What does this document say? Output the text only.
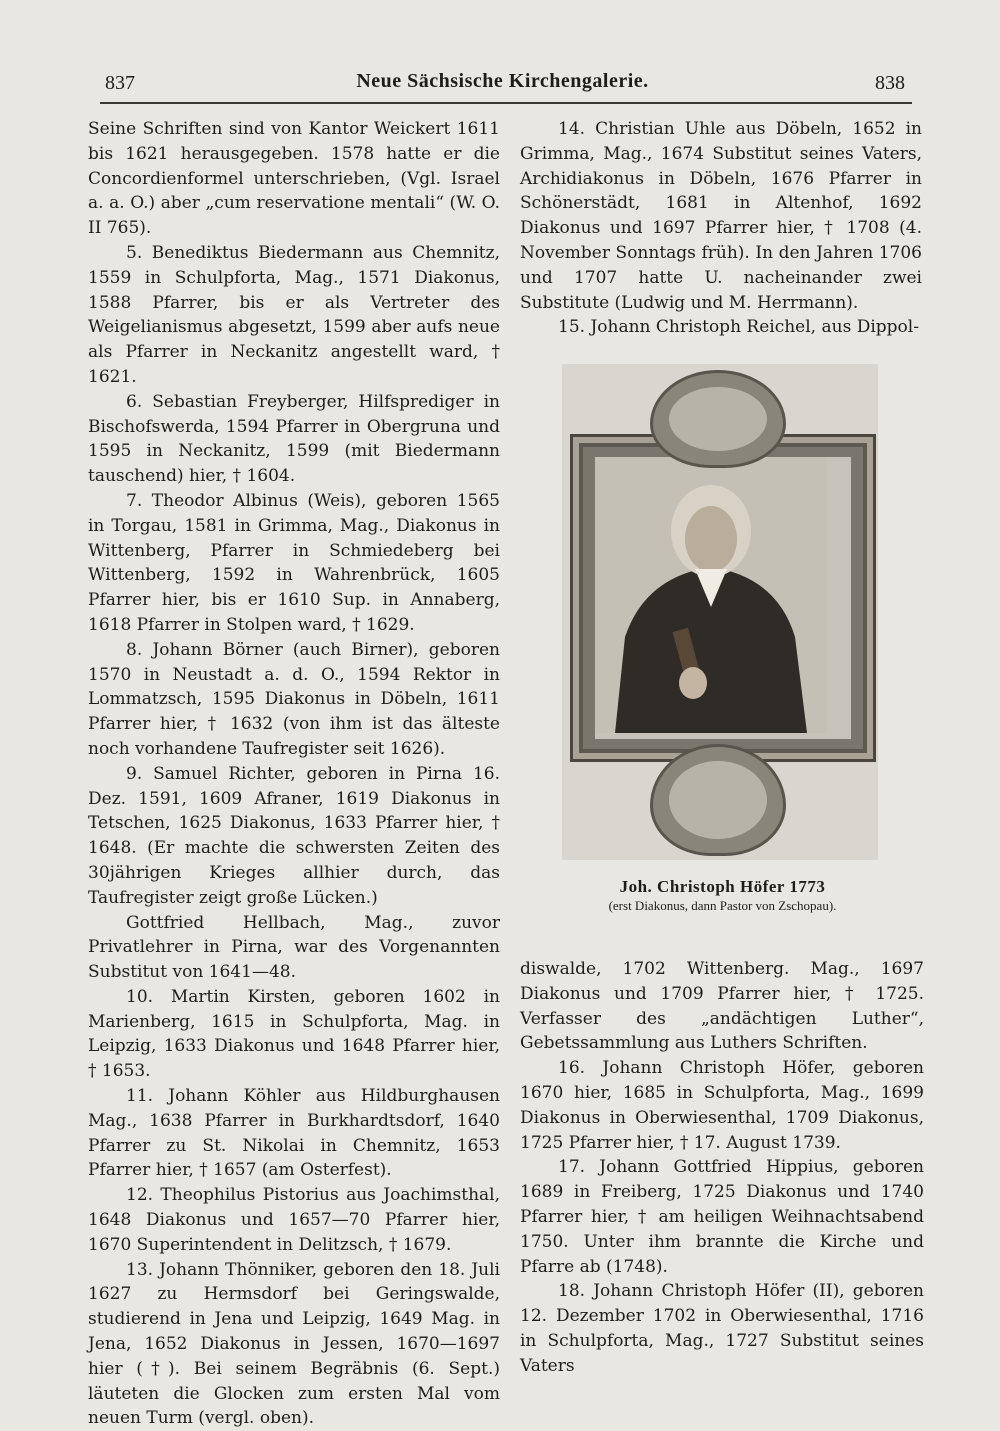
837	Neue Sächsische Kirchengalerie.	838

Seine Schriften sind von Kantor Weickert 1611 bis 1621 herausgegeben. 1578 hatte er die Concordienformel unterschrieben, (Vgl. Israel a. a. O.) aber „cum reservatione mentali“ (W. O. II 765).

5. Benediktus Biedermann aus Chemnitz, 1559 in Schulpforta, Mag., 1571 Diakonus, 1588 Pfarrer, bis er als Vertreter des Weigelianismus abgesetzt, 1599 aber aufs neue als Pfarrer in Neckanitz angestellt ward, † 1621.

6. Sebastian Freyberger, Hilfsprediger in Bischofswerda, 1594 Pfarrer in Obergruna und 1595 in Neckanitz, 1599 (mit Biedermann tauschend) hier, † 1604.

7. Theodor Albinus (Weis), geboren 1565 in Torgau, 1581 in Grimma, Mag., Diakonus in Wittenberg, Pfarrer in Schmiedeberg bei Wittenberg, 1592 in Wahrenbrück, 1605 Pfarrer hier, bis er 1610 Sup. in Annaberg, 1618 Pfarrer in Stolpen ward, † 1629.

8. Johann Börner (auch Birner), geboren 1570 in Neustadt a. d. O., 1594 Rektor in Lommatzsch, 1595 Diakonus in Döbeln, 1611 Pfarrer hier, † 1632 (von ihm ist das älteste noch vorhandene Taufregister seit 1626).

9. Samuel Richter, geboren in Pirna 16. Dez. 1591, 1609 Afraner, 1619 Diakonus in Tetschen, 1625 Diakonus, 1633 Pfarrer hier, † 1648. (Er machte die schwersten Zeiten des 30jährigen Krieges allhier durch, das Taufregister zeigt große Lücken.)

Gottfried Hellbach, Mag., zuvor Privatlehrer in Pirna, war des Vorgenannten Substitut von 1641—48.

10. Martin Kirsten, geboren 1602 in Marienberg, 1615 in Schulpforta, Mag. in Leipzig, 1633 Diakonus und 1648 Pfarrer hier, † 1653.

11. Johann Köhler aus Hildburghausen Mag., 1638 Pfarrer in Burkhardtsdorf, 1640 Pfarrer zu St. Nikolai in Chemnitz, 1653 Pfarrer hier, † 1657 (am Osterfest).

12. Theophilus Pistorius aus Joachimsthal, 1648 Diakonus und 1657—70 Pfarrer hier, 1670 Superintendent in Delitzsch, † 1679.

13. Johann Thönniker, geboren den 18. Juli 1627 zu Hermsdorf bei Geringswalde, studierend in Jena und Leipzig, 1649 Mag. in Jena, 1652 Diakonus in Jessen, 1670—1697 hier (†). Bei seinem Begräbnis (6. Sept.) läuteten die Glocken zum ersten Mal vom neuen Turm (vergl. oben).

14. Christian Uhle aus Döbeln, 1652 in Grimma, Mag., 1674 Substitut seines Vaters, Archidiakonus in Döbeln, 1676 Pfarrer in Schönerstädt, 1681 in Altenhof, 1692 Diakonus und 1697 Pfarrer hier, † 1708 (4. November Sonntags früh). In den Jahren 1706 und 1707 hatte U. nacheinander zwei Substitute (Ludwig und M. Herrmann).

15. Johann Christoph Reichel, aus Dippol-

Joh. Christoph Höfer 1773
(erst Diakonus, dann Pastor von Zschopau).

diswalde, 1702 Wittenberg. Mag., 1697 Diakonus und 1709 Pfarrer hier, † 1725. Verfasser des „andächtigen Luther“, Gebetssammlung aus Luthers Schriften.

16. Johann Christoph Höfer, geboren 1670 hier, 1685 in Schulpforta, Mag., 1699 Diakonus in Oberwiesenthal, 1709 Diakonus, 1725 Pfarrer hier, † 17. August 1739.

17. Johann Gottfried Hippius, geboren 1689 in Freiberg, 1725 Diakonus und 1740 Pfarrer hier, † am heiligen Weihnachtsabend 1750. Unter ihm brannte die Kirche und Pfarre ab (1748).

18. Johann Christoph Höfer (II), geboren 12. Dezember 1702 in Oberwiesenthal, 1716 in Schulpforta, Mag., 1727 Substitut seines Vaters
